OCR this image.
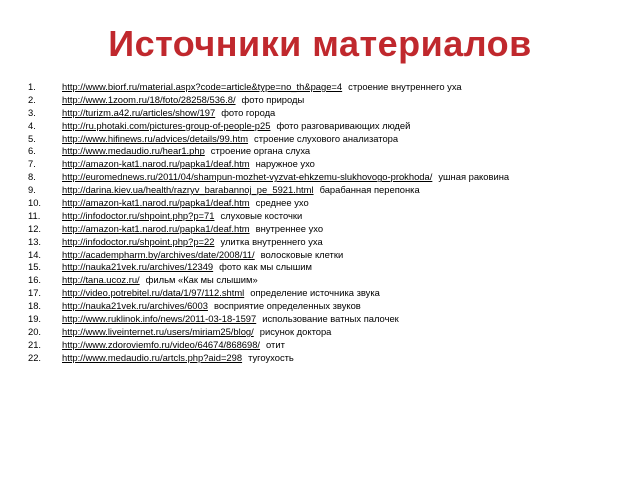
Источники материалов
1.	http://www.biorf.ru/material.aspx?code=article&type=no_th&page=4 строение внутреннего уха
2.	http://www.1zoom.ru/18/foto/28258/536.8/ фото природы
3.	http://turizm.a42.ru/articles/show/197 фото города
4.	http://ru.photaki.com/pictures-group-of-people-p25 фото разговаривающих людей
5.	http://www.hifinews.ru/advices/details/99.htm строение слухового анализатора
6.	http://www.medaudio.ru/hear1.php строение органа слуха
7.	http://amazon-kat1.narod.ru/papka1/deaf.htm наружное ухо
8.	http://euromednews.ru/2011/04/shampun-mozhet-vyzvat-ehkzemu-slukhovogo-prokhoda/ ушная раковина
9.	http://darina.kiev.ua/health/razryv_barabannoj_pe_5921.html барабанная перепонка
10.	http://amazon-kat1.narod.ru/papka1/deaf.htm среднее ухо
11.	http://infodoctor.ru/shpoint.php?p=71 слуховые косточки
12.	http://amazon-kat1.narod.ru/papka1/deaf.htm внутреннее ухо
13.	http://infodoctor.ru/shpoint.php?p=22 улитка внутреннего уха
14.	http://academpharm.by/archives/date/2008/11/ волосковые клетки
15.	http://nauka21vek.ru/archives/12349 фото как мы слышим
16.	http://tana.ucoz.ru/ фильм «Как мы слышим»
17.	http://video.potrebitel.ru/data/1/97/112.shtml определение источника звука
18.	http://nauka21vek.ru/archives/6003 восприятие определенных звуков
19.	http://www.ruklinok.info/news/2011-03-18-1597 использование ватных палочек
20.	http://www.liveinternet.ru/users/miriam25/blog/ рисунок доктора
21.	http://www.zdoroviemfo.ru/video/64674/868698/ отит
22.	http://www.medaudio.ru/artcls.php?aid=298 тугоухость
